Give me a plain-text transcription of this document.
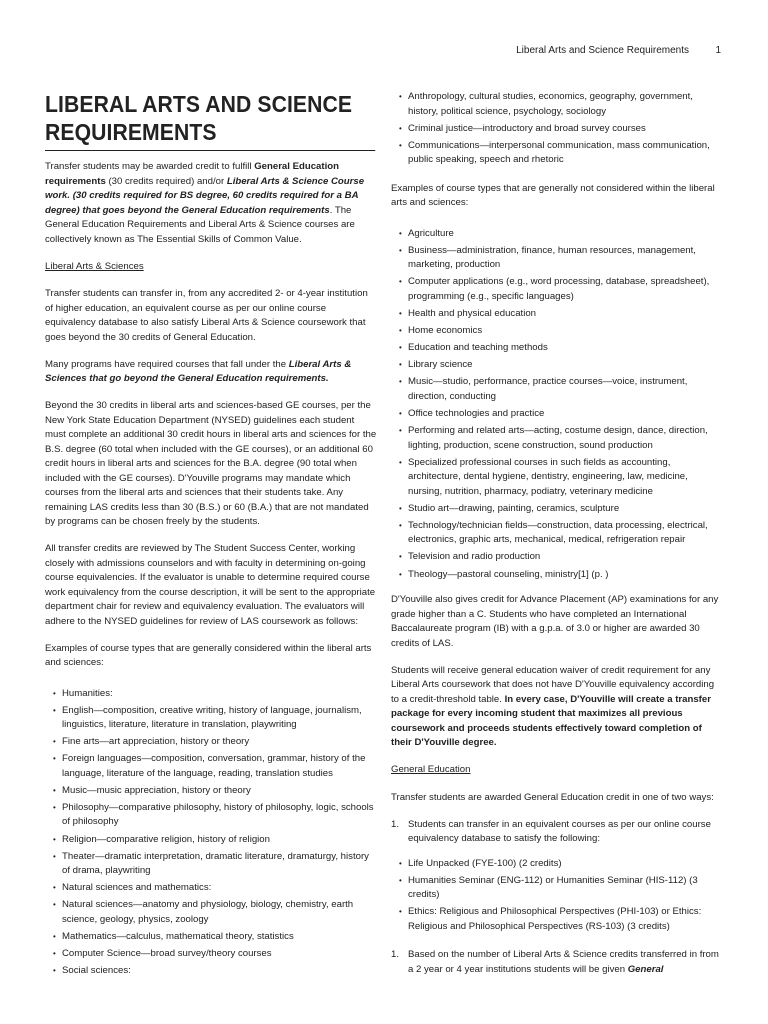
Liberal Arts and Science Requirements	1
LIBERAL ARTS AND SCIENCE
REQUIREMENTS

Transfer students may be awarded credit to fulfill General Education requirements (30 credits required) and/or Liberal Arts & Science Course work. (30 credits required for BS degree, 60 credits required for a BA degree) that goes beyond the General Education requirements. The General Education Requirements and Liberal Arts & Science courses are collectively known as The Essential Skills of Common Value.

Liberal Arts & Sciences

Transfer students can transfer in, from any accredited 2- or 4-year institution of higher education, an equivalent course as per our online course equivalency database to also satisfy Liberal Arts & Science coursework that goes beyond the 30 credits of General Education.

Many programs have required courses that fall under the Liberal Arts & Sciences that go beyond the General Education requirements.

Beyond the 30 credits in liberal arts and sciences-based GE courses, per the New York State Education Department (NYSED) guidelines each student must complete an additional 30 credit hours in liberal arts and sciences for the B.S. degree (60 total when included with the GE courses), or an additional 60 credit hours in liberal arts and sciences for the B.A. degree (90 total when included with the GE courses). D'Youville programs may mandate which courses from the liberal arts and sciences that their students take. Any remaining LAS credits less than 30 (B.S.) or 60 (B.A.) that are not mandated by programs can be chosen freely by the students.

All transfer credits are reviewed by The Student Success Center, working closely with admissions counselors and with faculty in determining on-going course equivalencies. If the evaluator is unable to determine required course work equivalency from the course description, it will be sent to the appropriate department chair for review and equivalency evaluation. The evaluators will adhere to the NYSED guidelines for review of LAS coursework as follows:

Examples of course types that are generally considered within the liberal arts and sciences:

• Humanities:
• English—composition, creative writing, history of language, journalism, linguistics, literature, literature in translation, playwriting
• Fine arts—art appreciation, history or theory
• Foreign languages—composition, conversation, grammar, history of the language, literature of the language, reading, translation studies
• Music—music appreciation, history or theory
• Philosophy—comparative philosophy, history of philosophy, logic, schools of philosophy
• Religion—comparative religion, history of religion
• Theater—dramatic interpretation, dramatic literature, dramaturgy, history of drama, playwriting
• Natural sciences and mathematics:
• Natural sciences—anatomy and physiology, biology, chemistry, earth science, geology, physics, zoology
• Mathematics—calculus, mathematical theory, statistics
• Computer Science—broad survey/theory courses
• Social sciences:
• Anthropology, cultural studies, economics, geography, government, history, political science, psychology, sociology
• Criminal justice—introductory and broad survey courses
• Communications—interpersonal communication, mass communication, public speaking, speech and rhetoric

Examples of course types that are generally not considered within the liberal arts and sciences:

• Agriculture
• Business—administration, finance, human resources, management, marketing, production
• Computer applications (e.g., word processing, database, spreadsheet), programming (e.g., specific languages)
• Health and physical education
• Home economics
• Education and teaching methods
• Library science
• Music—studio, performance, practice courses—voice, instrument, direction, conducting
• Office technologies and practice
• Performing and related arts—acting, costume design, dance, direction, lighting, production, scene construction, sound production
• Specialized professional courses in such fields as accounting, architecture, dental hygiene, dentistry, engineering, law, medicine, nursing, nutrition, pharmacy, podiatry, veterinary medicine
• Studio art—drawing, painting, ceramics, sculpture
• Technology/technician fields—construction, data processing, electrical, electronics, graphic arts, mechanical, medical, refrigeration repair
• Television and radio production
• Theology—pastoral counseling, ministry[1] (p. )

D'Youville also gives credit for Advance Placement (AP) examinations for any grade higher than a C. Students who have completed an International Baccalaureate program (IB) with a g.p.a. of 3.0 or higher are awarded 30 credits of LAS.

Students will receive general education waiver of credit requirement for any Liberal Arts coursework that does not have D'Youville equivalency according to a credit-threshold table. In every case, D'Youville will create a transfer package for every incoming student that maximizes all previous coursework and proceeds students effectively toward completion of their D'Youville degree.

General Education

Transfer students are awarded General Education credit in one of two ways:

1. Students can transfer in an equivalent courses as per our online course equivalency database to satisfy the following:
• Life Unpacked (FYE-100) (2 credits)
• Humanities Seminar (ENG-112) or Humanities Seminar (HIS-112) (3 credits)
• Ethics: Religious and Philosophical Perspectives (PHI-103) or Ethics: Religious and Philosophical Perspectives (RS-103) (3 credits)
1. Based on the number of Liberal Arts & Science credits transferred in from a 2 year or 4 year institutions students will be given General
